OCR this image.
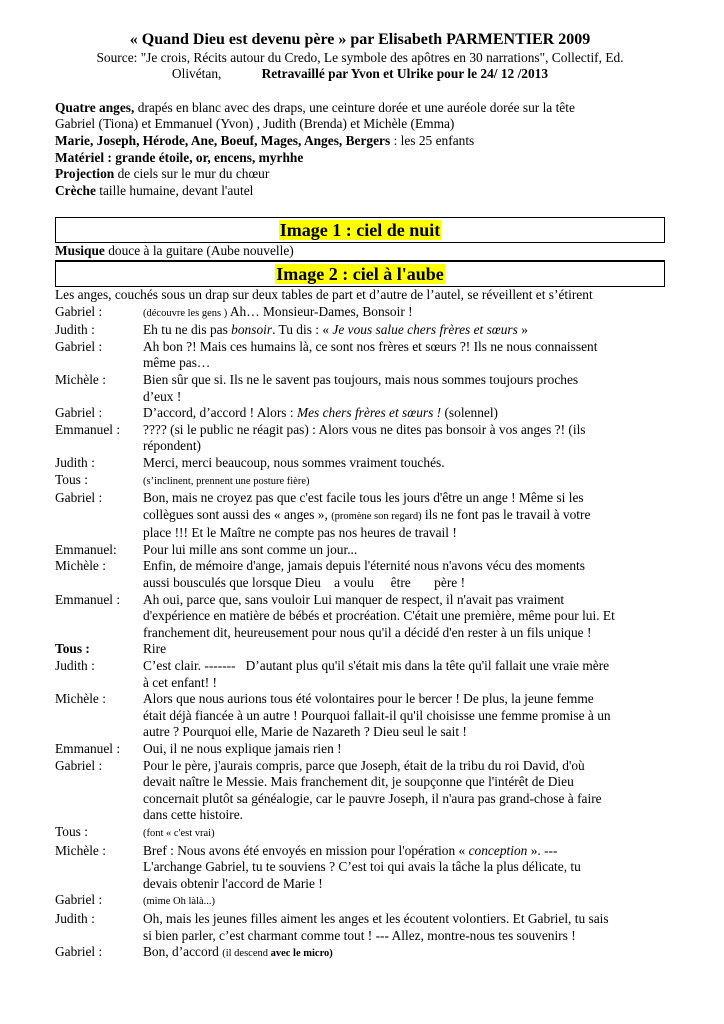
« Quand Dieu est devenu père » par Elisabeth PARMENTIER 2009
Source: "Je crois, Récits autour du Credo, Le symbole des apôtres en 30 narrations", Collectif, Ed.
Olivétan,	Retravaillé par Yvon et Ulrike pour le 24/ 12 /2013
Quatre anges, drapés en blanc avec des draps, une ceinture dorée et une auréole dorée sur la tête
Gabriel (Tiona) et Emmanuel (Yvon) , Judith (Brenda) et Michèle (Emma)
Marie, Joseph, Hérode, Ane, Boeuf, Mages, Anges, Bergers : les 25 enfants
Matériel : grande étoile, or, encens, myrhhe
Projection de ciels sur le mur du chœur
Crèche taille humaine, devant l'autel
Image 1 : ciel de nuit
Musique douce à la guitare (Aube nouvelle)
Image 2 : ciel à l'aube
Les anges, couchés sous un drap sur deux tables de part et d’autre de l’autel, se réveillent et s’étirent
Gabriel :	(découvre les gens ) Ah… Monsieur-Dames, Bonsoir !
Judith :	Eh tu ne dis pas bonsoir. Tu dis : « Je vous salue chers frères et sœurs »
Gabriel :	Ah bon ?! Mais ces humains là, ce sont nos frères et sœurs ?! Ils ne nous connaissent
même pas…
Michèle :	Bien sûr que si. Ils ne le savent pas toujours, mais nous sommes toujours proches
d’eux !
Gabriel :	D’accord, d’accord ! Alors : Mes chers frères et sœurs ! (solennel)
Emmanuel :	???? (si le public ne réagit pas) : Alors vous ne dites pas bonsoir à vos anges ?! (ils
répondent)
Judith :	Merci, merci beaucoup, nous sommes vraiment touchés.
Tous :	(s’inclinent, prennent une posture fière)
Gabriel :	Bon, mais ne croyez pas que c'est facile tous les jours d'être un ange ! Même si les
collègues sont aussi des « anges », (promène son regard) ils ne font pas le travail à votre
place !!! Et le Maître ne compte pas nos heures de travail !
Emmanuel:	Pour lui mille ans sont comme un jour...
Michèle :	Enfin, de mémoire d'ange, jamais depuis l'éternité nous n'avons vécu des moments
aussi bousculés que lorsque Dieu    a voulu     être       père !
Emmanuel :	Ah oui, parce que, sans vouloir Lui manquer de respect, il n'avait pas vraiment
d'expérience en matière de bébés et procréation. C'était une première, même pour lui. Et
franchement dit, heureusement pour nous qu'il a décidé d'en rester à un fils unique !
Tous :	Rire
Judith :	C’est clair. ------- D’autant plus qu'il s'était mis dans la tête qu'il fallait une vraie mère
à cet enfant! !
Michèle :	Alors que nous aurions tous été volontaires pour le bercer ! De plus, la jeune femme
était déjà fiancée à un autre ! Pourquoi fallait-il qu'il choisisse une femme promise à un
autre ? Pourquoi elle, Marie de Nazareth ? Dieu seul le sait !
Emmanuel :	Oui, il ne nous explique jamais rien !
Gabriel :	Pour le père, j'aurais compris, parce que Joseph, était de la tribu du roi David, d'où
devait naître le Messie. Mais franchement dit, je soupçonne que l'intérêt de Dieu
concernait plutôt sa généalogie, car le pauvre Joseph, il n'aura pas grand-chose à faire
dans cette histoire.
Tous :	(font « c'est vrai)
Michèle :	Bref : Nous avons été envoyés en mission pour l'opération « conception ». ---
L'archange Gabriel, tu te souviens ? C’est toi qui avais la tâche la plus délicate, tu
devais obtenir l'accord de Marie !
Gabriel :	(mime Oh làlà...)
Judith :	Oh, mais les jeunes filles aiment les anges et les écoutent volontiers. Et Gabriel, tu sais
si bien parler, c’est charmant comme tout ! --- Allez, montre-nous tes souvenirs !
Gabriel :	Bon, d’accord (il descend avec le micro)
